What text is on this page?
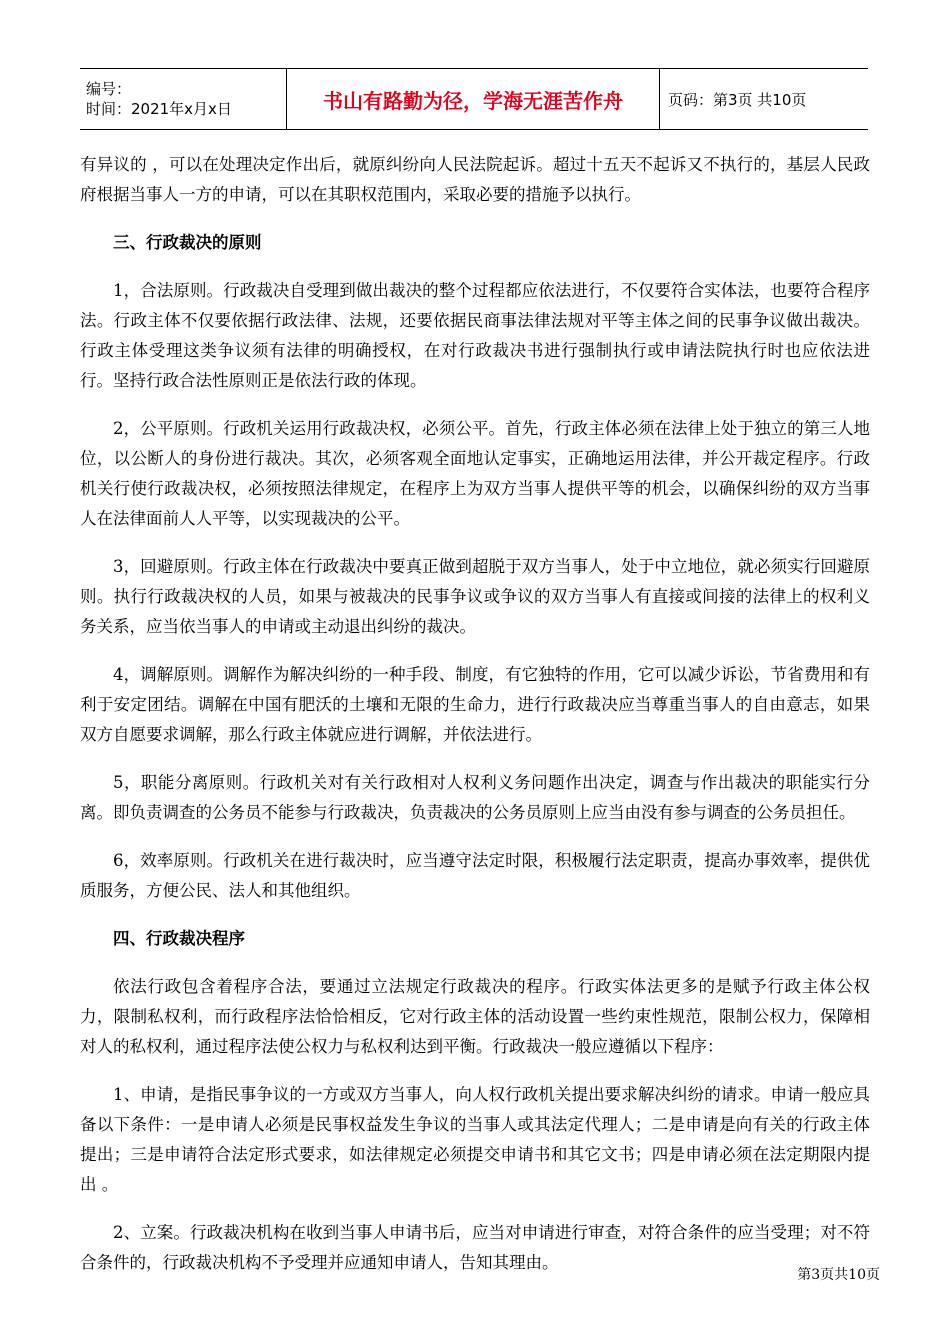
编号：
时间：2021年x月x日	书山有路勤为径，学海无涯苦作舟	页码：第3页 共10页

有异议的 ，可以在处理决定作出后，就原纠纷向人民法院起诉。超过十五天不起诉又不执行的，基层人民政府根据当事人一方的申请，可以在其职权范围内，采取必要的措施予以执行。

三、行政裁决的原则

1，合法原则。行政裁决自受理到做出裁决的整个过程都应依法进行，不仅要符合实体法，也要符合程序法。行政主体不仅要依据行政法律、法规，还要依据民商事法律法规对平等主体之间的民事争议做出裁决。行政主体受理这类争议须有法律的明确授权，在对行政裁决书进行强制执行或申请法院执行时也应依法进行。坚持行政合法性原则正是依法行政的体现。

2，公平原则。行政机关运用行政裁决权，必须公平。首先，行政主体必须在法律上处于独立的第三人地位，以公断人的身份进行裁决。其次，必须客观全面地认定事实，正确地运用法律，并公开裁定程序。行政机关行使行政裁决权，必须按照法律规定，在程序上为双方当事人提供平等的机会，以确保纠纷的双方当事人在法律面前人人平等，以实现裁决的公平。

3，回避原则。行政主体在行政裁决中要真正做到超脱于双方当事人，处于中立地位，就必须实行回避原则。执行行政裁决权的人员，如果与被裁决的民事争议或争议的双方当事人有直接或间接的法律上的权利义务关系，应当依当事人的申请或主动退出纠纷的裁决。

4，调解原则。调解作为解决纠纷的一种手段、制度，有它独特的作用，它可以减少诉讼，节省费用和有利于安定团结。调解在中国有肥沃的土壤和无限的生命力，进行行政裁决应当尊重当事人的自由意志，如果双方自愿要求调解，那么行政主体就应进行调解，并依法进行。

5，职能分离原则。行政机关对有关行政相对人权利义务问题作出决定，调查与作出裁决的职能实行分离。即负责调查的公务员不能参与行政裁决，负责裁决的公务员原则上应当由没有参与调查的公务员担任。

6，效率原则。行政机关在进行裁决时，应当遵守法定时限，积极履行法定职责，提高办事效率，提供优质服务，方便公民、法人和其他组织。

四、行政裁决程序

依法行政包含着程序合法，要通过立法规定行政裁决的程序。行政实体法更多的是赋予行政主体公权力，限制私权利，而行政程序法恰恰相反，它对行政主体的活动设置一些约束性规范，限制公权力，保障相对人的私权利，通过程序法使公权力与私权利达到平衡。行政裁决一般应遵循以下程序：

1、申请，是指民事争议的一方或双方当事人，向人权行政机关提出要求解决纠纷的请求。申请一般应具备以下条件：一是申请人必须是民事权益发生争议的当事人或其法定代理人；二是申请是向有关的行政主体提出；三是申请符合法定形式要求，如法律规定必须提交申请书和其它文书；四是申请必须在法定期限内提出 。

2、立案。行政裁决机构在收到当事人申请书后，应当对申请进行审查，对符合条件的应当受理；对不符合条件的，行政裁决机构不予受理并应通知申请人，告知其理由。

第3页共10页
